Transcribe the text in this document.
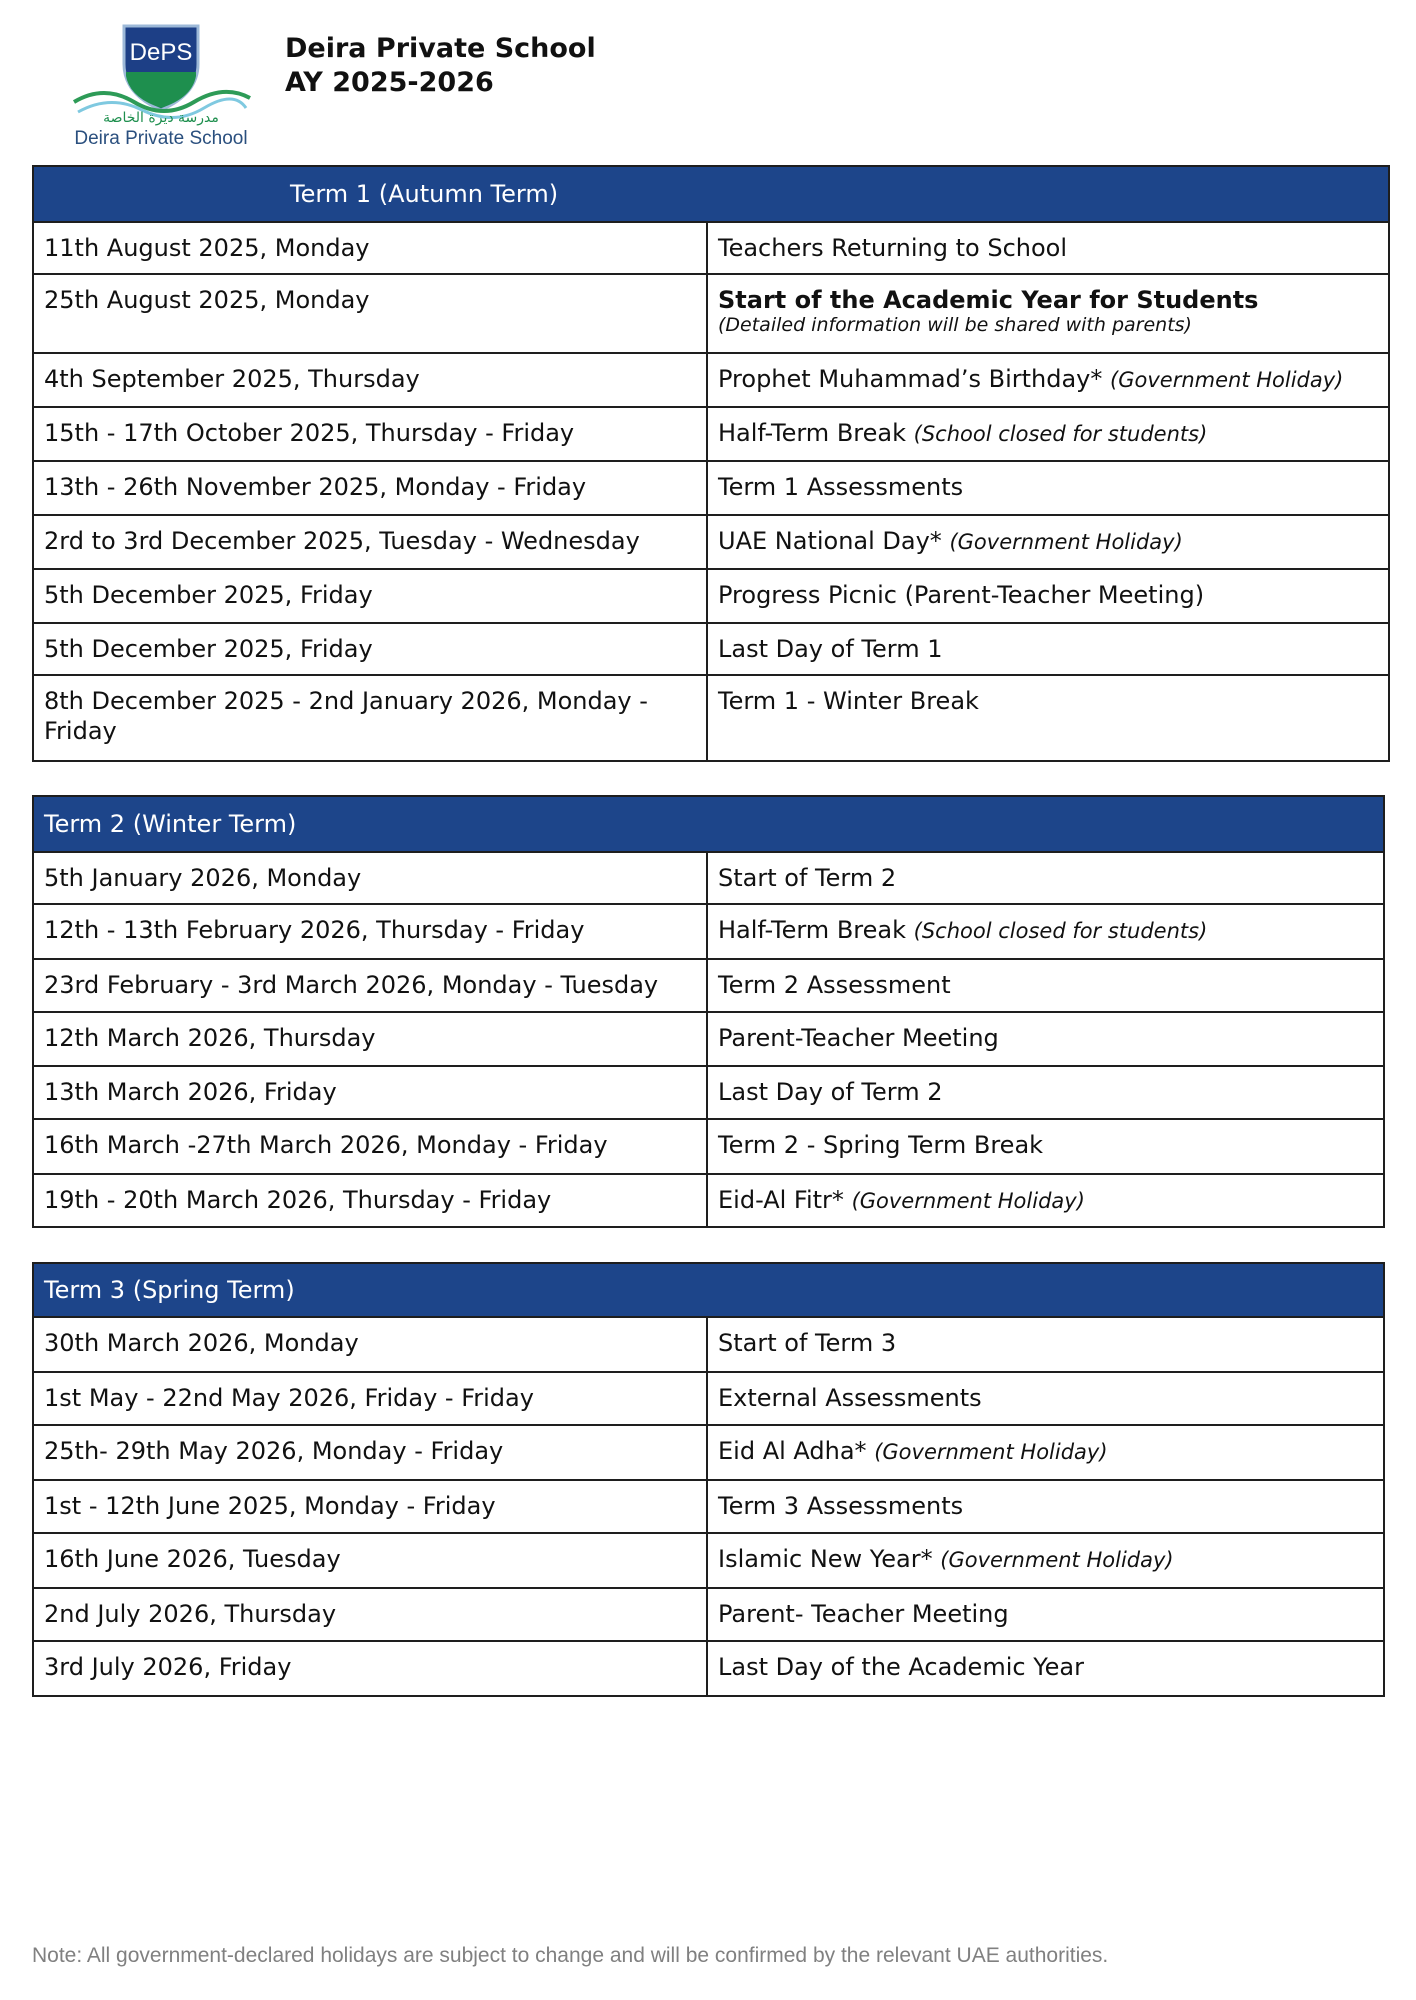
DePS
مدرسة ديرة الخاصة
Deira Private School
Deira Private School
AY 2025-2026
Term 1 (Autumn Term)	
11th August 2025, Monday	Teachers Returning to School
25th August 2025, Monday	Start of the Academic Year for Students
(Detailed information will be shared with parents)

4th September 2025, Thursday	Prophet Muhammad’s Birthday* (Government Holiday)
15th - 17th October 2025, Thursday - Friday	Half-Term Break (School closed for students)
13th - 26th November 2025, Monday - Friday	Term 1 Assessments
2rd to 3rd December 2025, Tuesday - Wednesday	UAE National Day* (Government Holiday)
5th December 2025, Friday	Progress Picnic (Parent-Teacher Meeting)
5th December 2025, Friday	Last Day of Term 1
8th December 2025 - 2nd January 2026, Monday - Friday	Term 1 - Winter Break
Term 2 (Winter Term)	
5th January 2026, Monday	Start of Term 2
12th - 13th February 2026, Thursday - Friday	Half-Term Break (School closed for students)
23rd February - 3rd March 2026, Monday - Tuesday	Term 2 Assessment
12th March 2026, Thursday	Parent-Teacher Meeting
13th March 2026, Friday	Last Day of Term 2
16th March -27th March 2026, Monday - Friday	Term 2 - Spring Term Break
19th - 20th March 2026, Thursday - Friday	Eid-Al Fitr* (Government Holiday)
Term 3 (Spring Term)	
30th March 2026, Monday	Start of Term 3
1st May - 22nd May 2026, Friday - Friday	External Assessments
25th- 29th May 2026, Monday - Friday	Eid Al Adha* (Government Holiday)
1st - 12th June 2025, Monday - Friday	Term 3 Assessments
16th June 2026, Tuesday	Islamic New Year* (Government Holiday)
2nd July 2026, Thursday	Parent- Teacher Meeting
3rd July 2026, Friday	Last Day of the Academic Year
Note: All government-declared holidays are subject to change and will be confirmed by the relevant UAE authorities.
